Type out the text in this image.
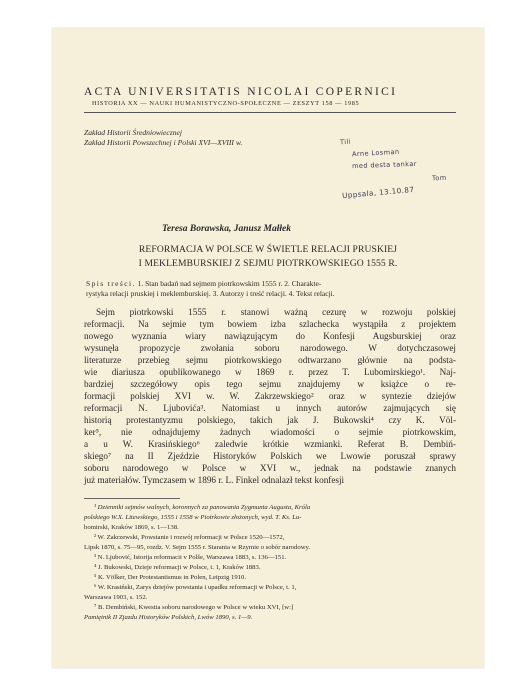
ACTA UNIVERSITATIS NICOLAI COPERNICI
HISTORIA XX — NAUKI HUMANISTYCZNO-SPOŁECZNE — ZESZYT 158 — 1985
Zakład Historii Średniowiecznej
Zakład Historii Powszechnej i Polski XVI—XVIII w.	Tili
Arne Losman
med desta tankar
Tom
Uppsala, 13.10.87
Teresa Borawska, Janusz Małłek
REFORMACJA W POLSCE W ŚWIETLE RELACJI PRUSKIEJ
I MEKLEMBURSKIEJ Z SEJMU PIOTRKOWSKIEGO 1555 R.
Spis treści. 1. Stan badań nad sejmem piotrkowskim 1555 r. 2. Charakte-
rystyka relacji pruskiej i meklemburskiej. 3. Autorzy i treść relacji. 4. Tekst relacji.
Sejm piotrkowski 1555 r. stanowi ważną cezurę w rozwoju polskiej
reformacji. Na sejmie tym bowiem izba szlachecka wystąpiła z projektem
nowego wyznania wiary nawiązującym do Konfesji Augsburskiej oraz
wysunęła propozycje zwołania soboru narodowego. W dotychczasowej
literaturze przebieg sejmu piotrkowskiego odtwarzano głównie na podsta-
wie diariusza opublikowanego w 1869 r. przez T. Lubomirskiego¹. Naj-
bardziej szczegółowy opis tego sejmu znajdujemy w książce o re-
formacji polskiej XVI w. W. Zakrzewskiego² oraz w syntezie dziejów
reformacji N. Ljubovića³. Natomiast u innych autorów zajmujących się
historią protestantyzmu polskiego, takich jak J. Bukowski⁴ czy K. Völ-
ker⁵, nie odnajdujemy żadnych wiadomości o sejmie piotrkowskim,
a u W. Krasińskiego⁶ zaledwie krótkie wzmianki. Referat B. Dembiń-
skiego⁷ na II Zjeździe Historyków Polskich we Lwowie poruszał sprawy
soboru narodowego w Polsce w XVI w., jednak na podstawie znanych
już materiałów. Tymczasem w 1896 r. L. Finkel odnalazł tekst konfesji
¹ Dzienniki sejmów walnych, koronnych za panowania Zygmunta Augusta, Króla
polskiego W.X. Litewskiego, 1555 i 1558 w Piotrkowie złożonych, wyd. T. Ks. Lu-
bomirski, Kraków 1869, s. 1—138.
² W. Zakrzewski, Powstanie i rozwój reformacji w Polsce 1520—1572,
Lipsk 1870, s. 75—95, rozdz. V. Sejm 1555 r. Starania w Rzymie o sobór narodowy.
³ N. Ljubović, Istorija reformacii v Polše, Warszawa 1883, s. 136—151.
⁴ J. Bukowski, Dzieje reformacji w Polsce, t. 1, Kraków 1883.
⁵ K. Völker, Der Protestantismus in Polen, Leipzig 1910.
⁶ W. Krasiński, Zarys dziejów powstania i upadku reformacji w Polsce, t. 1,
Warszawa 1903, s. 152.
⁷ B. Dembiński, Kwestia soboru narodowego w Polsce w wieku XVI, [w:]
Pamiętnik II Zjazdu Historyków Polskich, Lwów 1890, s. 1—9.
